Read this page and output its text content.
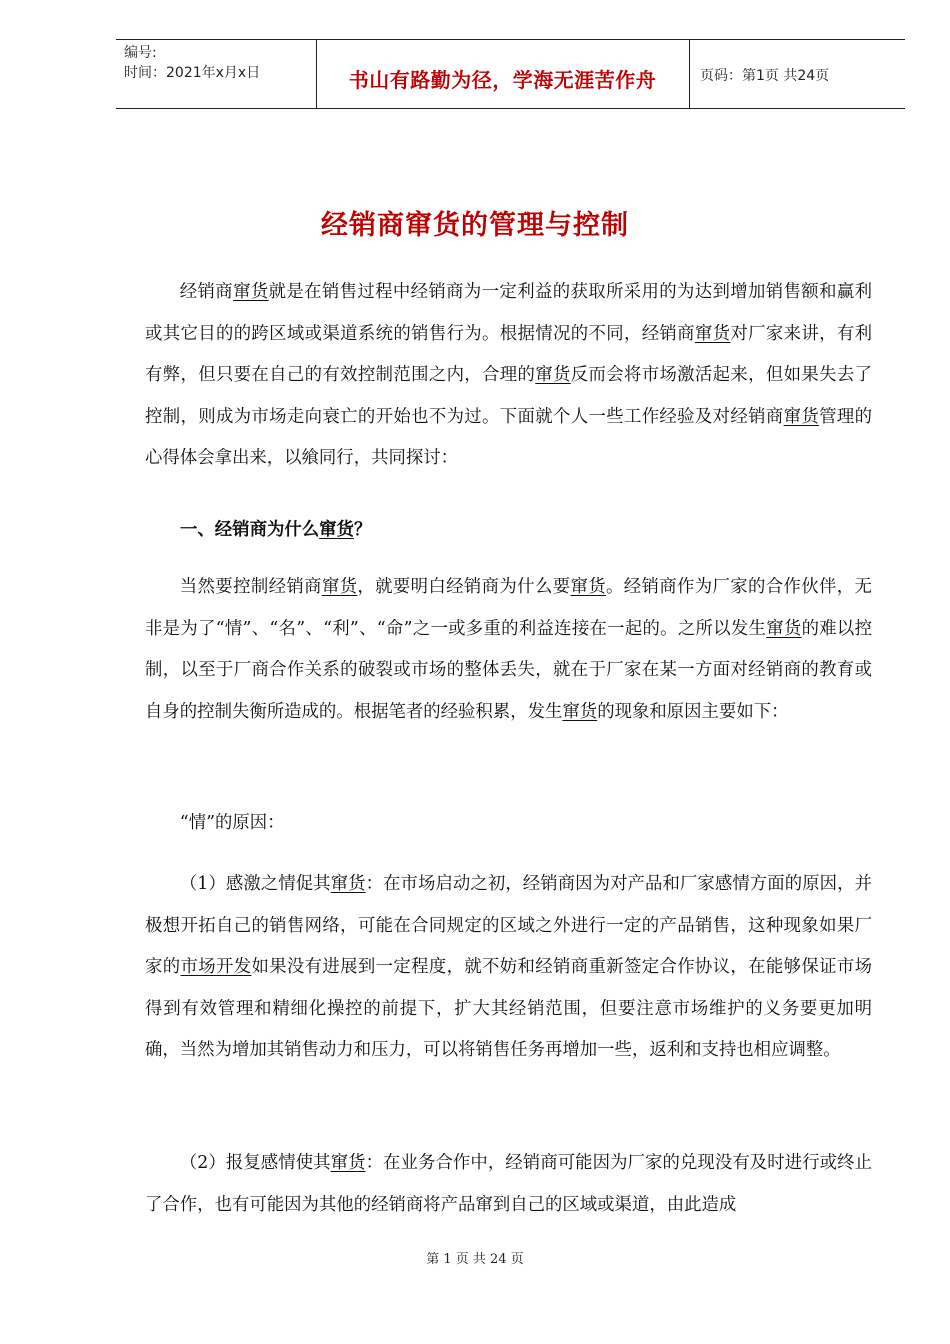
编号:
时间：2021年x月x日	书山有路勤为径，学海无涯苦作舟	页码：第1页 共24页
经销商窜货的管理与控制

经销商窜货就是在销售过程中经销商为一定利益的获取所采用的为达到增加销售额和赢利或其它目的的跨区域或渠道系统的销售行为。根据情况的不同，经销商窜货对厂家来讲，有利有弊，但只要在自己的有效控制范围之内，合理的窜货反而会将市场激活起来，但如果失去了控制，则成为市场走向衰亡的开始也不为过。下面就个人一些工作经验及对经销商窜货管理的心得体会拿出来，以飨同行，共同探讨：

一、经销商为什么窜货？

当然要控制经销商窜货，就要明白经销商为什么要窜货。经销商作为厂家的合作伙伴，无非是为了“情”、“名”、“利”、“命”之一或多重的利益连接在一起的。之所以发生窜货的难以控制，以至于厂商合作关系的破裂或市场的整体丢失，就在于厂家在某一方面对经销商的教育或自身的控制失衡所造成的。根据笔者的经验积累，发生窜货的现象和原因主要如下：

“情”的原因：

（1）感激之情促其窜货：在市场启动之初，经销商因为对产品和厂家感情方面的原因，并极想开拓自己的销售网络，可能在合同规定的区域之外进行一定的产品销售，这种现象如果厂家的市场开发如果没有进展到一定程度，就不妨和经销商重新签定合作协议，在能够保证市场得到有效管理和精细化操控的前提下，扩大其经销范围，但要注意市场维护的义务要更加明确，当然为增加其销售动力和压力，可以将销售任务再增加一些，返利和支持也相应调整。

（2）报复感情使其窜货：在业务合作中，经销商可能因为厂家的兑现没有及时进行或终止了合作，也有可能因为其他的经销商将产品窜到自己的区域或渠道，由此造成

第 1 页 共 24 页
